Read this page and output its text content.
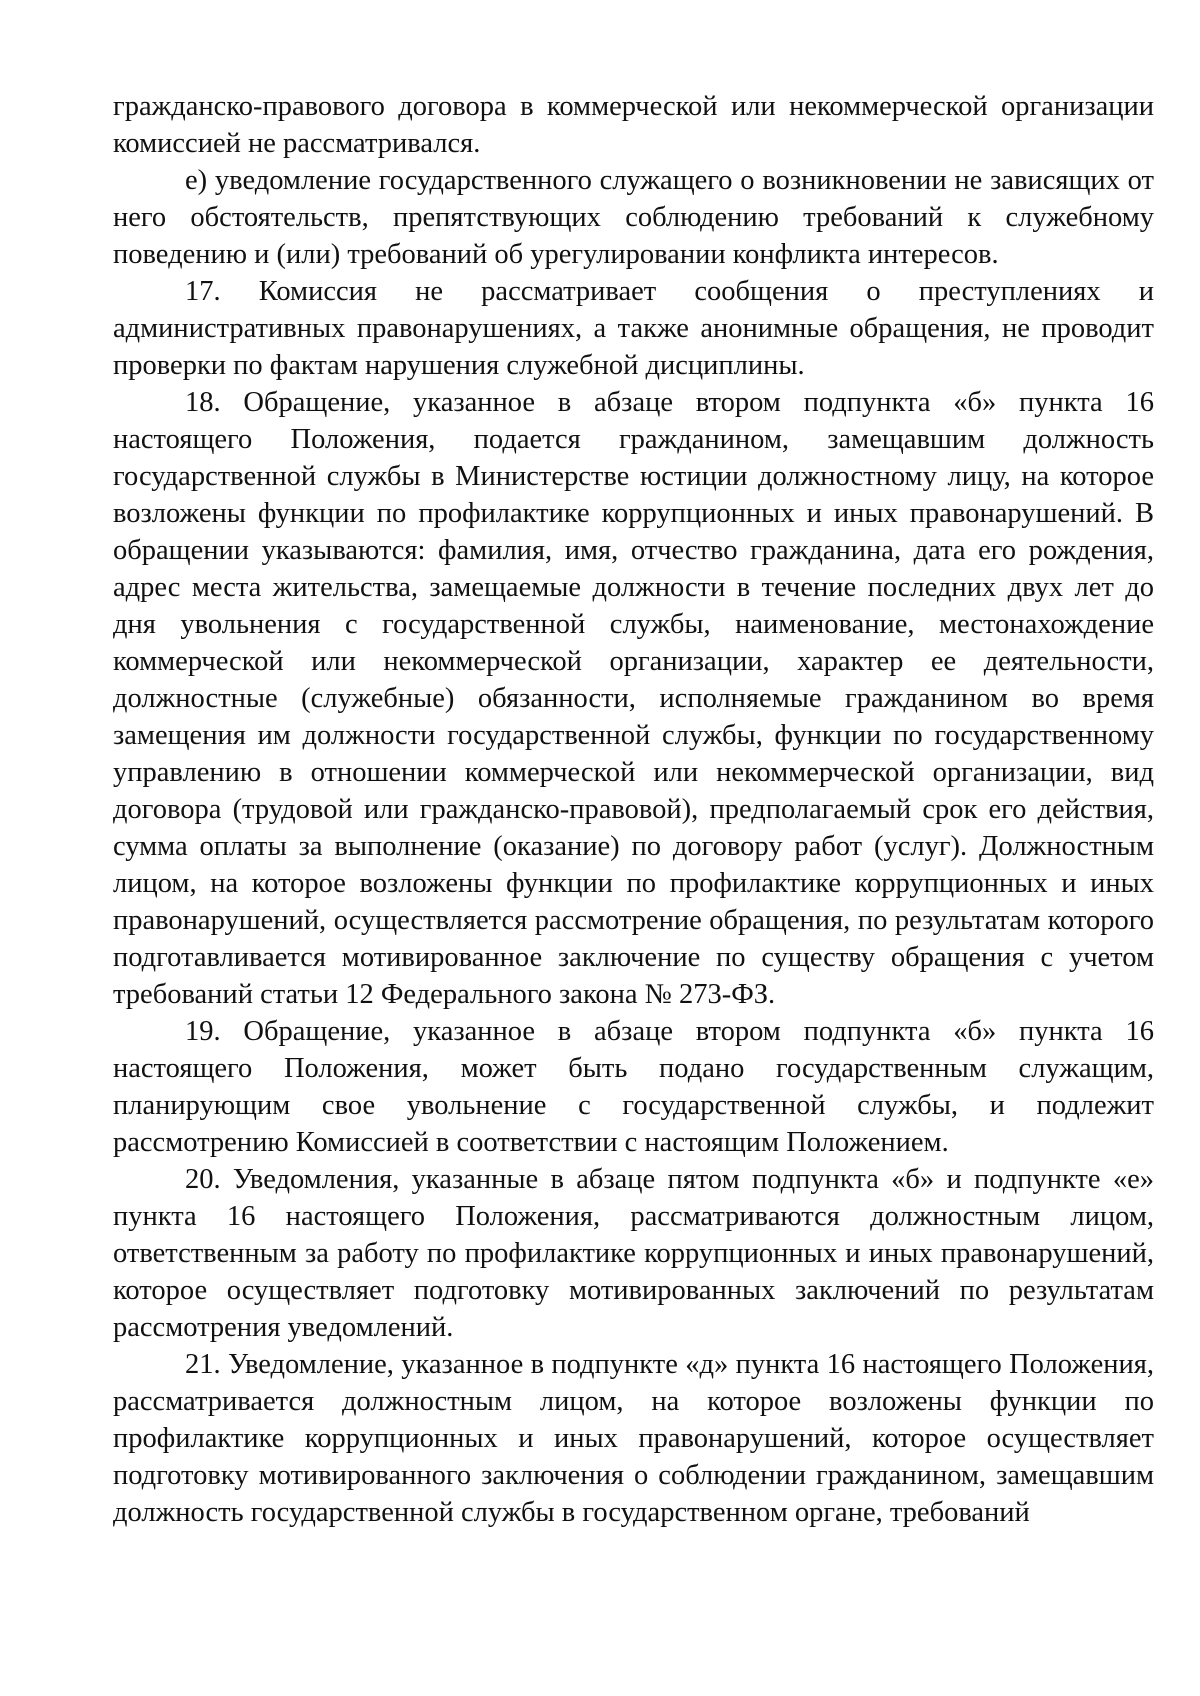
гражданско-правового договора в коммерческой или некоммерческой организации комиссией не рассматривался.

е) уведомление государственного служащего о возникновении не зависящих от него обстоятельств, препятствующих соблюдению требований к служебному поведению и (или) требований об урегулировании конфликта интересов.

17. Комиссия не рассматривает сообщения о преступлениях и административных правонарушениях, а также анонимные обращения, не проводит проверки по фактам нарушения служебной дисциплины.

18. Обращение, указанное в абзаце втором подпункта «б» пункта 16 настоящего Положения, подается гражданином, замещавшим должность государственной службы в Министерстве юстиции должностному лицу, на которое возложены функции по профилактике коррупционных и иных правонарушений. В обращении указываются: фамилия, имя, отчество гражданина, дата его рождения, адрес места жительства, замещаемые должности в течение последних двух лет до дня увольнения с государственной службы, наименование, местонахождение коммерческой или некоммерческой организации, характер ее деятельности, должностные (служебные) обязанности, исполняемые гражданином во время замещения им должности государственной службы, функции по государственному управлению в отношении коммерческой или некоммерческой организации, вид договора (трудовой или гражданско-правовой), предполагаемый срок его действия, сумма оплаты за выполнение (оказание) по договору работ (услуг). Должностным лицом, на которое возложены функции по профилактике коррупционных и иных правонарушений, осуществляется рассмотрение обращения, по результатам которого подготавливается мотивированное заключение по существу обращения с учетом требований статьи 12 Федерального закона № 273-ФЗ.

19. Обращение, указанное в абзаце втором подпункта «б» пункта 16 настоящего Положения, может быть подано государственным служащим, планирующим свое увольнение с государственной службы, и подлежит рассмотрению Комиссией в соответствии с настоящим Положением.

20. Уведомления, указанные в абзаце пятом подпункта «б» и подпункте «е» пункта 16 настоящего Положения, рассматриваются должностным лицом, ответственным за работу по профилактике коррупционных и иных правонарушений, которое осуществляет подготовку мотивированных заключений по результатам рассмотрения уведомлений.

21. Уведомление, указанное в подпункте «д» пункта 16 настоящего Положения, рассматривается должностным лицом, на которое возложены функции по профилактике коррупционных и иных правонарушений, которое осуществляет подготовку мотивированного заключения о соблюдении гражданином, замещавшим должность государственной службы в государственном органе, требований
